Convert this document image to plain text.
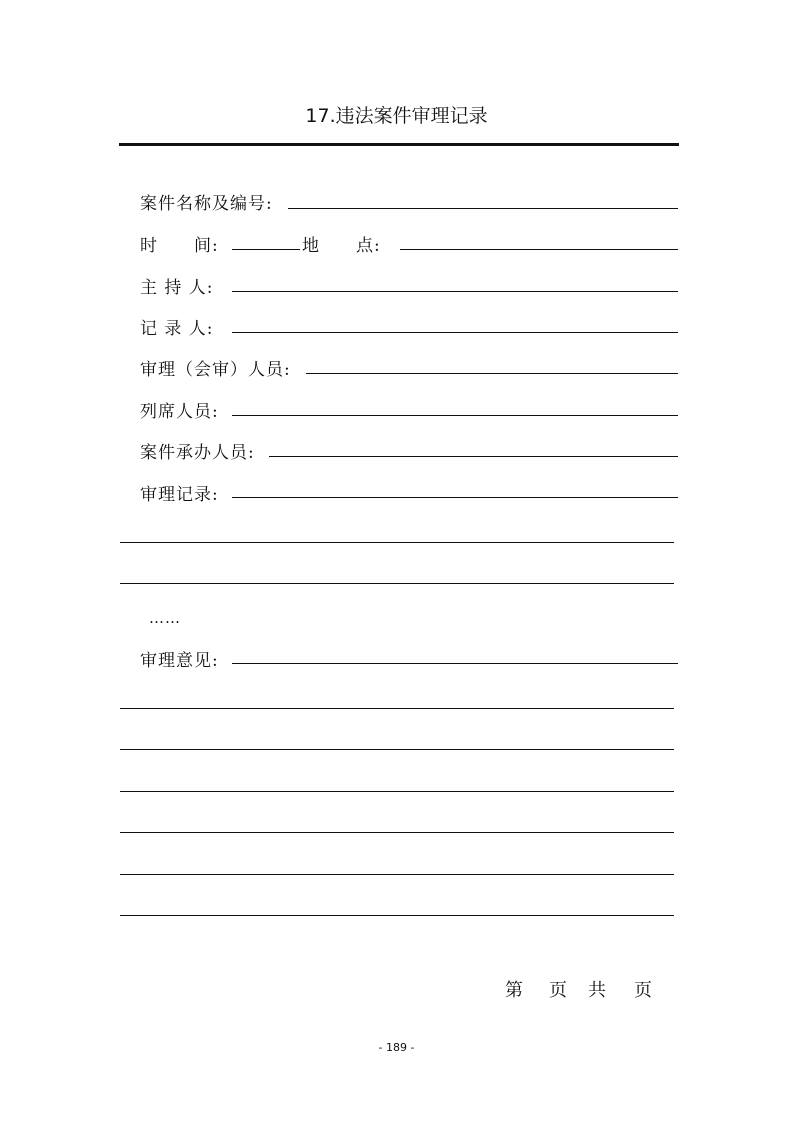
17.违法案件审理记录
案件名称及编号:
时　　间:	地　　点:
主 持 人:
记 录 人:
审理（会审）人员:
列席人员:
案件承办人员:
审理记录:
……
审理意见:
第 页 共 页
- 189 -
